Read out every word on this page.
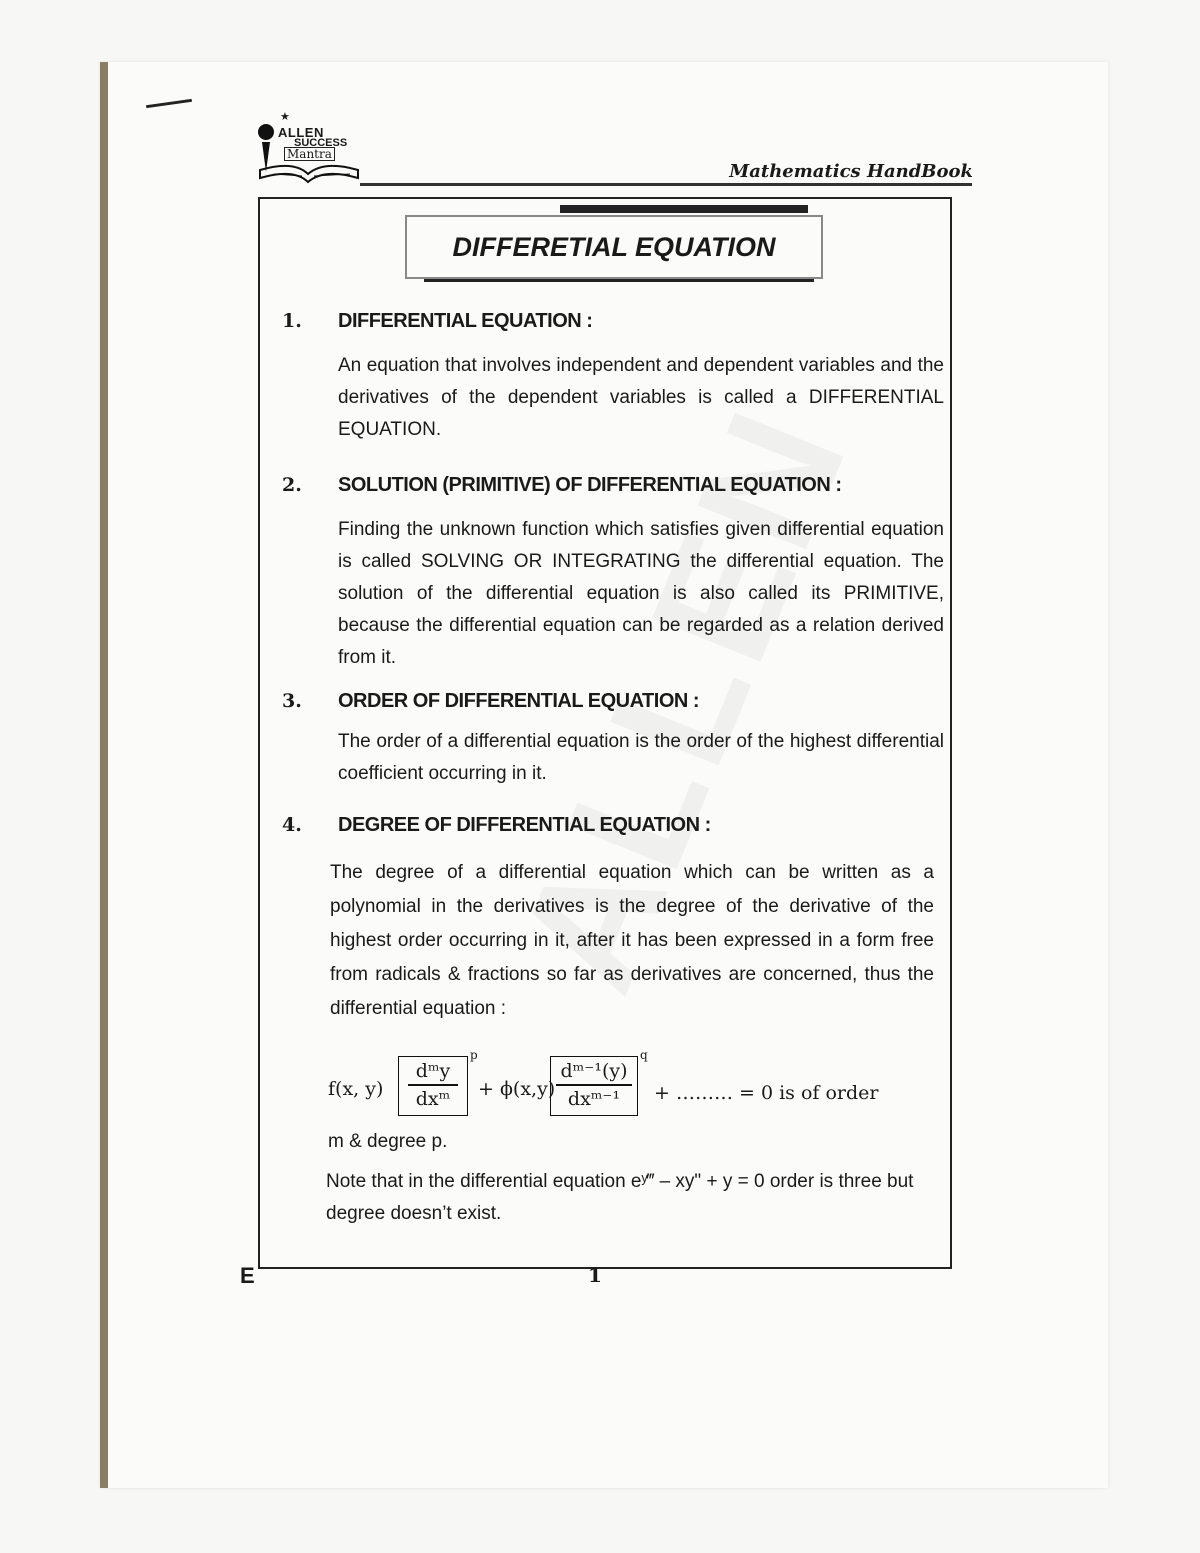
★
ALLEN
SUCCESS
Mantra
Mathematics HandBook
DIFFERETIAL EQUATION
1. DIFFERENTIAL EQUATION :
An equation that involves independent and dependent variables and the derivatives of the dependent variables is called a DIFFERENTIAL EQUATION.
2. SOLUTION (PRIMITIVE) OF DIFFERENTIAL EQUATION :
Finding the unknown function which satisfies given differential equation is called SOLVING OR INTEGRATING the differential equation. The solution of the differential equation is also called its PRIMITIVE, because the differential equation can be regarded as a relation derived from it.
3. ORDER OF DIFFERENTIAL EQUATION :
The order of a differential equation is the order of the highest differential coefficient occurring in it.
4. DEGREE OF DIFFERENTIAL EQUATION :
The degree of a differential equation which can be written as a polynomial in the derivatives is the degree of the derivative of the highest order occurring in it, after it has been expressed in a form free from radicals & fractions so far as derivatives are concerned, thus the differential equation :
f(x, y)
dᵐy
dxᵐ
p
+ ϕ(x,y)
dᵐ⁻¹(y)
dxᵐ⁻¹
q
+ ……… = 0 is of order
m & degree p.
Note that in the differential equation eʸ‴ – xy" + y = 0 order is three but degree doesn’t exist.
E	1
